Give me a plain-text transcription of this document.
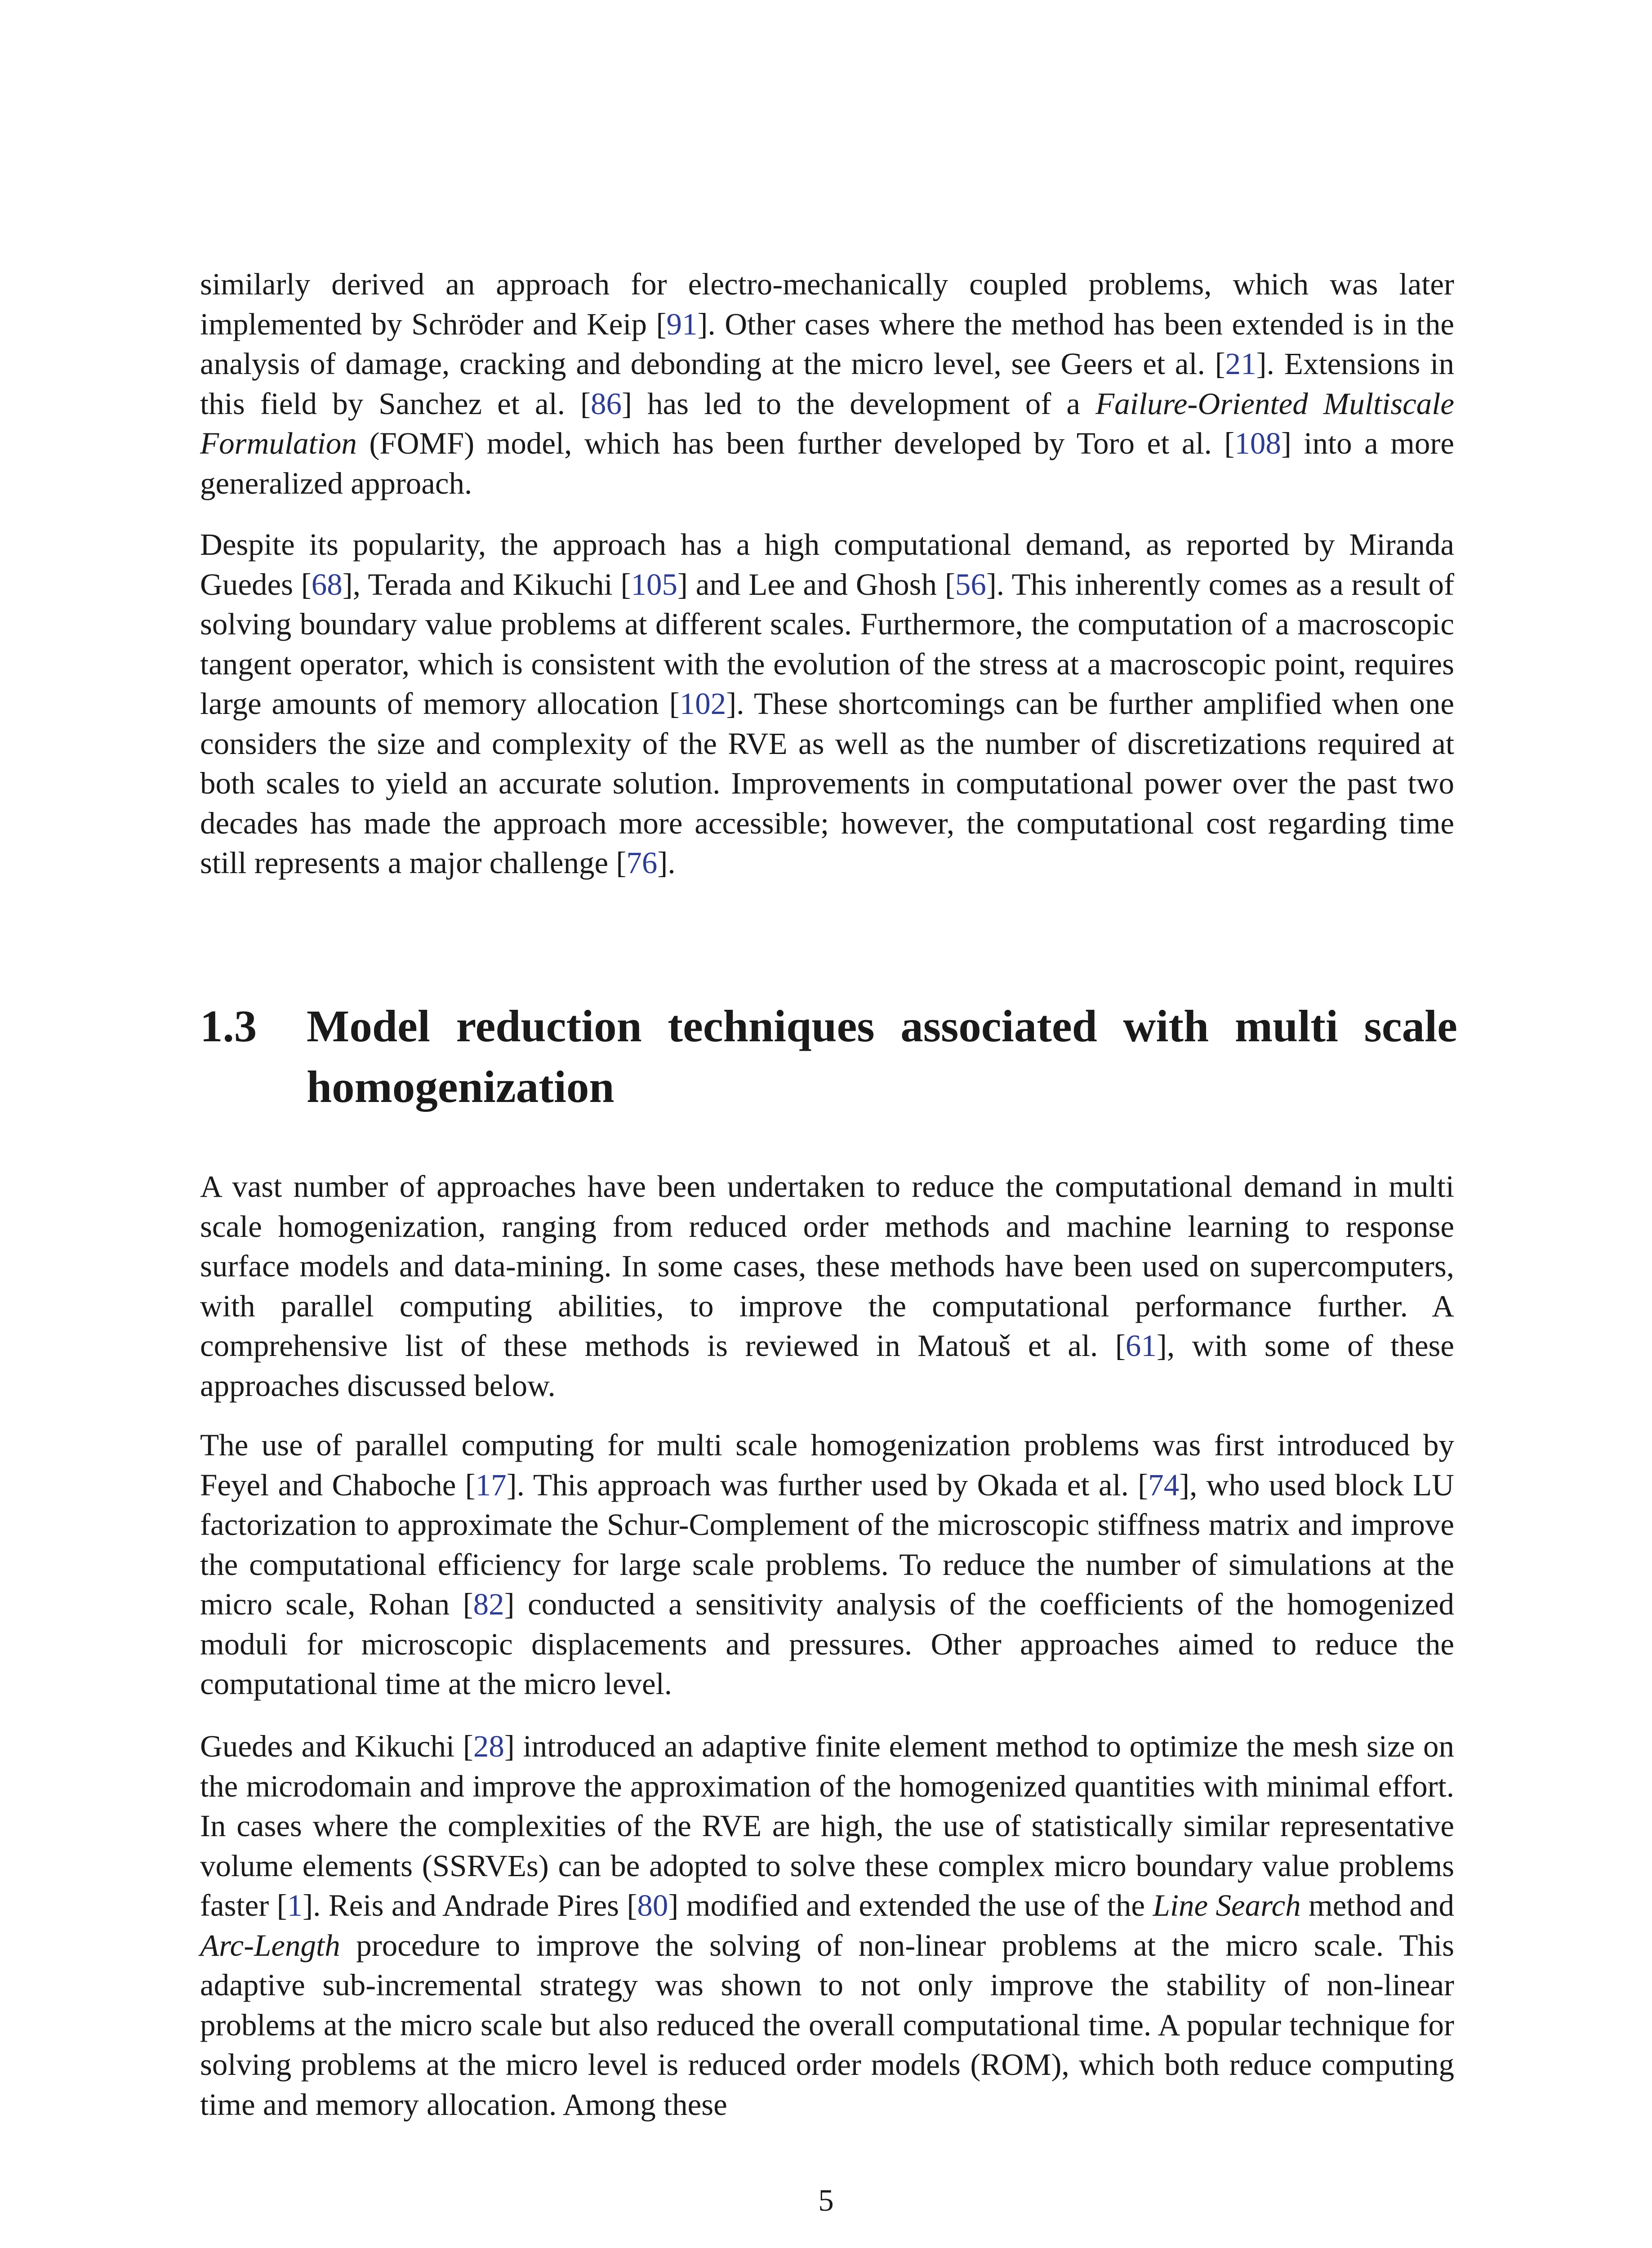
similarly derived an approach for electro-mechanically coupled problems, which was later implemented by Schröder and Keip [91]. Other cases where the method has been extended is in the analysis of damage, cracking and debonding at the micro level, see Geers et al. [21]. Extensions in this field by Sanchez et al. [86] has led to the development of a Failure-Oriented Multiscale Formulation (FOMF) model, which has been further developed by Toro et al. [108] into a more generalized approach.

Despite its popularity, the approach has a high computational demand, as reported by Miranda Guedes [68], Terada and Kikuchi [105] and Lee and Ghosh [56]. This inherently comes as a result of solving boundary value problems at different scales. Furthermore, the computation of a macroscopic tangent operator, which is consistent with the evolution of the stress at a macroscopic point, requires large amounts of memory allocation [102]. These shortcomings can be further amplified when one considers the size and complexity of the RVE as well as the number of discretizations required at both scales to yield an accurate solution. Improvements in computational power over the past two decades has made the approach more accessible; however, the computational cost regarding time still represents a major challenge [76].

1.3 Model reduction techniques associated with multi scale homogenization

A vast number of approaches have been undertaken to reduce the computational demand in multi scale homogenization, ranging from reduced order methods and machine learning to response surface models and data-mining. In some cases, these methods have been used on supercomputers, with parallel computing abilities, to improve the computational performance further. A comprehensive list of these methods is reviewed in Matouš et al. [61], with some of these approaches discussed below.

The use of parallel computing for multi scale homogenization problems was first introduced by Feyel and Chaboche [17]. This approach was further used by Okada et al. [74], who used block LU factorization to approximate the Schur-Complement of the microscopic stiffness matrix and improve the computational efficiency for large scale problems. To reduce the number of simulations at the micro scale, Rohan [82] conducted a sensitivity analysis of the coefficients of the homogenized moduli for microscopic displacements and pressures. Other approaches aimed to reduce the computational time at the micro level.

Guedes and Kikuchi [28] introduced an adaptive finite element method to optimize the mesh size on the microdomain and improve the approximation of the homogenized quantities with minimal effort. In cases where the complexities of the RVE are high, the use of statistically similar representative volume elements (SSRVEs) can be adopted to solve these complex micro boundary value problems faster [1]. Reis and Andrade Pires [80] modified and extended the use of the Line Search method and Arc-Length procedure to improve the solving of non-linear problems at the micro scale. This adaptive sub-incremental strategy was shown to not only improve the stability of non-linear problems at the micro scale but also reduced the overall computational time. A popular technique for solving problems at the micro level is reduced order models (ROM), which both reduce computing time and memory allocation. Among these

5
